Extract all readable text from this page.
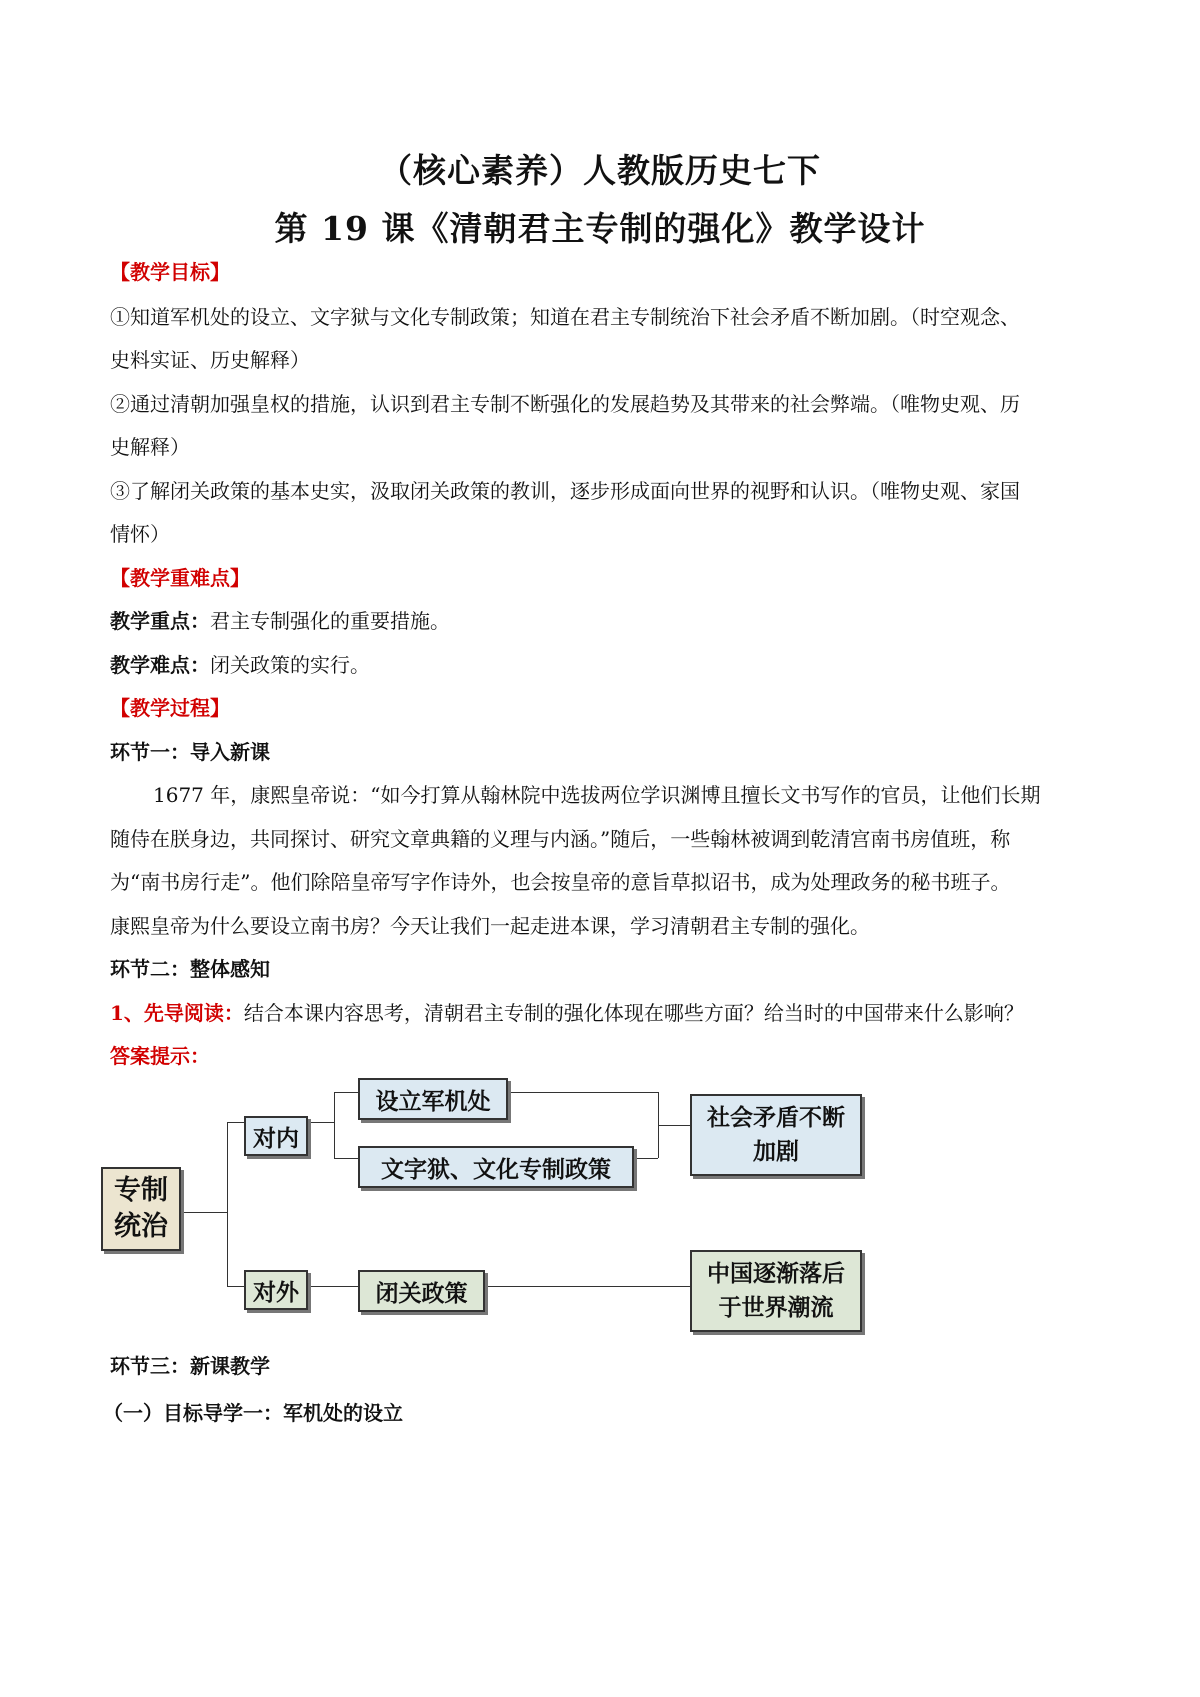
（核心素养）人教版历史七下
第 19 课《清朝君主专制的强化》教学设计
【教学目标】
①知道军机处的设立、文字狱与文化专制政策；知道在君主专制统治下社会矛盾不断加剧。（时空观念、
史料实证、历史解释）
②通过清朝加强皇权的措施，认识到君主专制不断强化的发展趋势及其带来的社会弊端。（唯物史观、历
史解释）
③了解闭关政策的基本史实，汲取闭关政策的教训，逐步形成面向世界的视野和认识。（唯物史观、家国
情怀）
【教学重难点】
教学重点：君主专制强化的重要措施。
教学难点：闭关政策的实行。
【教学过程】
环节一：导入新课
1677 年，康熙皇帝说：“如今打算从翰林院中选拔两位学识渊博且擅长文书写作的官员，让他们长期
随侍在朕身边，共同探讨、研究文章典籍的义理与内涵。”随后，一些翰林被调到乾清宫南书房值班，称
为“南书房行走”。他们除陪皇帝写字作诗外，也会按皇帝的意旨草拟诏书，成为处理政务的秘书班子。
康熙皇帝为什么要设立南书房？今天让我们一起走进本课，学习清朝君主专制的强化。
环节二：整体感知
1、先导阅读：结合本课内容思考，清朝君主专制的强化体现在哪些方面？给当时的中国带来什么影响？
答案提示：
专制
统治
对内
对外
设立军机处
文字狱、文化专制政策
闭关政策
社会矛盾不断
加剧
中国逐渐落后
于世界潮流
环节三：新课教学
（一）目标导学一：军机处的设立
